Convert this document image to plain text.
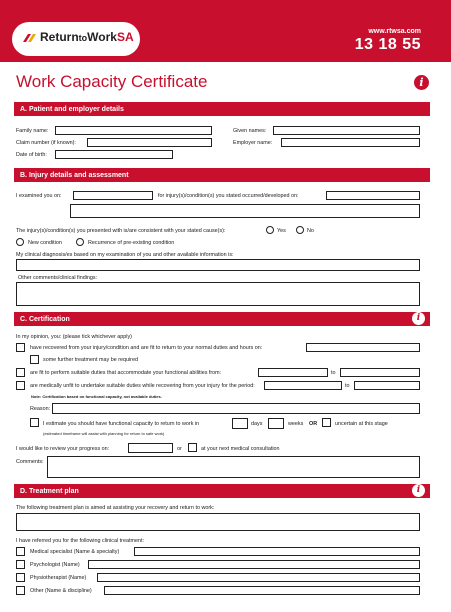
ReturntoWorkSA	www.rtwsa.com
13 18 55
Work Capacity Certificate	i
A. Patient and employer details
Family name:	Given names:
Claim number (if known):	Employer name:
Date of birth:
B. Injury details and assessment
I examined you on:	for injury(s)/condition(s) you stated occurred/developed on:
The injury(s)/condition(s) you presented with is/are consistent with your stated cause(s):	Yes	No
New condition	Recurrence of pre-existing condition
My clinical diagnosis/es based on my examination of you and other available information is:
Other comments/clinical findings:
C. Certification	i
In my opinion, you: (please tick whichever apply)
have recovered from your injury/condition and are fit to return to your normal duties and hours on:
some further treatment may be required
are fit to perform suitable duties that accommodate your functional abilities from:	to
are medically unfit to undertake suitable duties while recovering from your injury for the period:	to
Note: Certification based on functional capacity, not available duties.
Reason:
I estimate you should have functional capacity to return to work in	days	weeks OR	uncertain at this stage
(estimated timeframe will assist with planning for return to safe work)
I would like to review your progress on:	or	at your next medical consultation
Comments:
D. Treatment plan	i
The following treatment plan is aimed at assisting your recovery and return to work:
I have referred you for the following clinical treatment:
Medical specialist (Name & specialty)
Psychologist (Name)
Physiotherapist (Name)
Other (Name & discipline)
